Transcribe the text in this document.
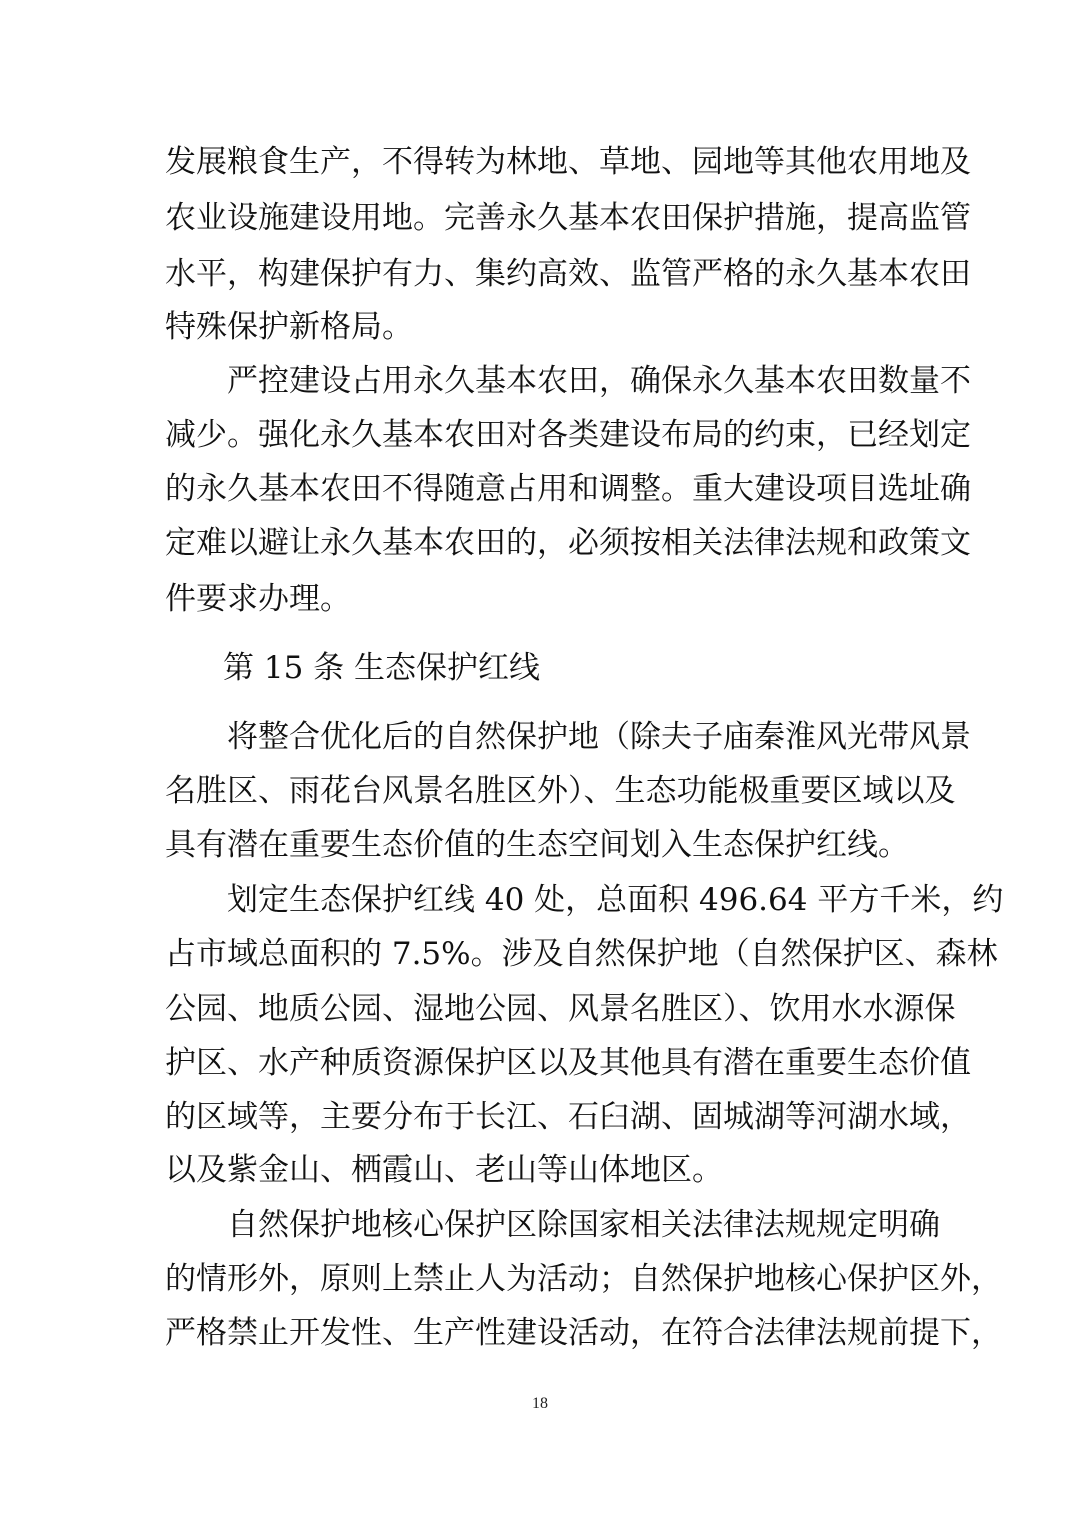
发展粮食生产，不得转为林地、草地、园地等其他农用地及
农业设施建设用地。完善永久基本农田保护措施，提高监管
水平，构建保护有力、集约高效、监管严格的永久基本农田
特殊保护新格局。
　　严控建设占用永久基本农田，确保永久基本农田数量不
减少。强化永久基本农田对各类建设布局的约束，已经划定
的永久基本农田不得随意占用和调整。重大建设项目选址确
定难以避让永久基本农田的，必须按相关法律法规和政策文
件要求办理。
第 15 条 生态保护红线
　　将整合优化后的自然保护地（除夫子庙秦淮风光带风景
名胜区、雨花台风景名胜区外）、生态功能极重要区域以及
具有潜在重要生态价值的生态空间划入生态保护红线。
　　划定生态保护红线 40 处，总面积 496.64 平方千米，约
占市域总面积的 7.5%。涉及自然保护地（自然保护区、森林
公园、地质公园、湿地公园、风景名胜区）、饮用水水源保
护区、水产种质资源保护区以及其他具有潜在重要生态价值
的区域等，主要分布于长江、石臼湖、固城湖等河湖水域，
以及紫金山、栖霞山、老山等山体地区。
　　自然保护地核心保护区除国家相关法律法规规定明确
的情形外，原则上禁止人为活动；自然保护地核心保护区外，
严格禁止开发性、生产性建设活动，在符合法律法规前提下，
18
